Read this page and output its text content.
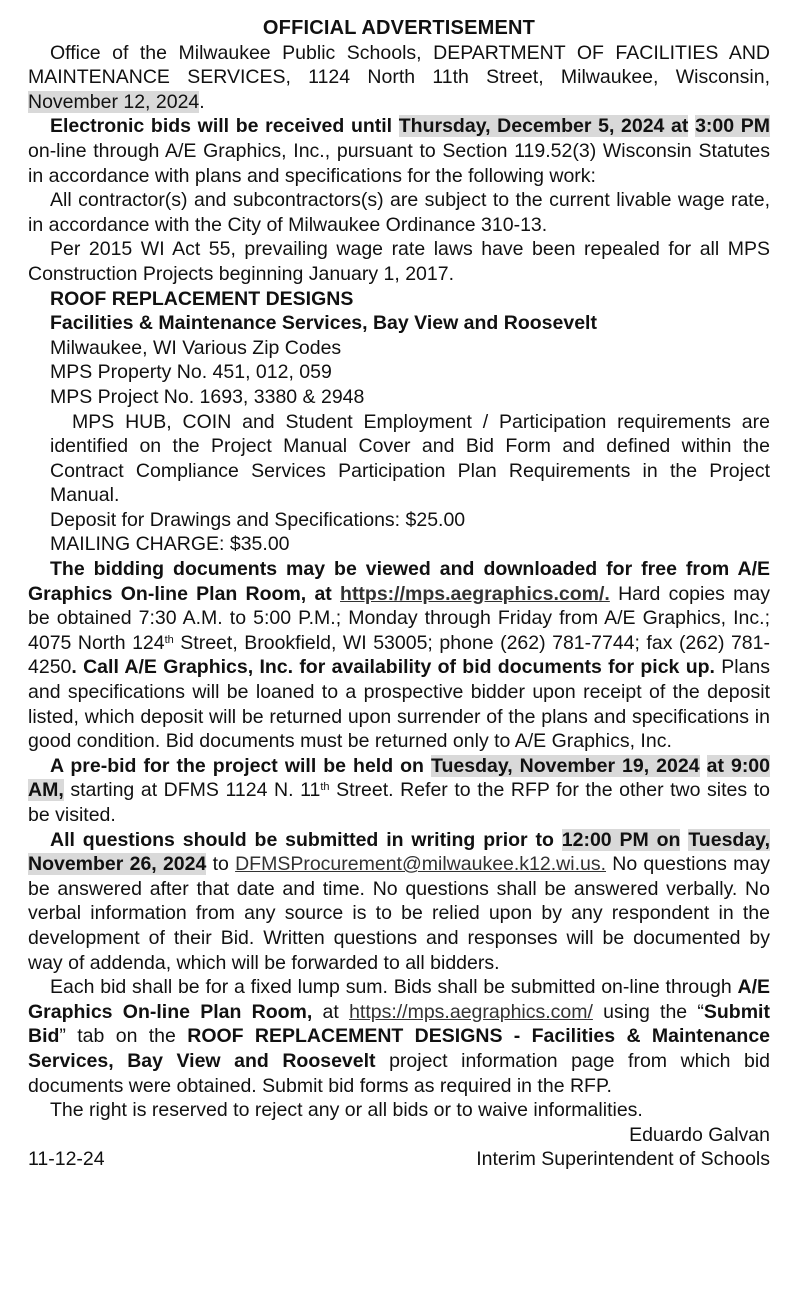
OFFICIAL ADVERTISEMENT

Office of the Milwaukee Public Schools, DEPARTMENT OF FACILITIES AND MAINTENANCE SERVICES, 1124 North 11th Street, Milwaukee, Wisconsin, November 12, 2024.

Electronic bids will be received until Thursday, December 5, 2024 at 3:00 PM on-line through A/E Graphics, Inc., pursuant to Section 119.52(3) Wisconsin Statutes in accordance with plans and specifications for the following work:

All contractor(s) and subcontractors(s) are subject to the current livable wage rate, in accordance with the City of Milwaukee Ordinance 310-13.

Per 2015 WI Act 55, prevailing wage rate laws have been repealed for all MPS Construction Projects beginning January 1, 2017.

ROOF REPLACEMENT DESIGNS

Facilities & Maintenance Services, Bay View and Roosevelt

Milwaukee, WI Various Zip Codes

MPS Property No. 451, 012, 059

MPS Project No. 1693, 3380 & 2948

MPS HUB, COIN and Student Employment / Participation requirements are identified on the Project Manual Cover and Bid Form and defined within the Contract Compliance Services Participation Plan Requirements in the Project Manual.

Deposit for Drawings and Specifications: $25.00

MAILING CHARGE: $35.00

The bidding documents may be viewed and downloaded for free from A/E Graphics On-line Plan Room, at https://mps.aegraphics.com/. Hard copies may be obtained 7:30 A.M. to 5:00 P.M.; Monday through Friday from A/E Graphics, Inc.; 4075 North 124th Street, Brookfield, WI 53005; phone (262) 781-7744; fax (262) 781-4250. Call A/E Graphics, Inc. for availability of bid documents for pick up. Plans and specifications will be loaned to a prospective bidder upon receipt of the deposit listed, which deposit will be returned upon surrender of the plans and specifications in good condition. Bid documents must be returned only to A/E Graphics, Inc.

A pre-bid for the project will be held on Tuesday, November 19, 2024 at 9:00 AM, starting at DFMS 1124 N. 11th Street. Refer to the RFP for the other two sites to be visited.

All questions should be submitted in writing prior to 12:00 PM on Tuesday, November 26, 2024 to DFMSProcurement@milwaukee.k12.wi.us. No questions may be answered after that date and time. No questions shall be answered verbally. No verbal information from any source is to be relied upon by any respondent in the development of their Bid. Written questions and responses will be documented by way of addenda, which will be forwarded to all bidders.

Each bid shall be for a fixed lump sum. Bids shall be submitted on-line through A/E Graphics On-line Plan Room, at https://mps.aegraphics.com/ using the “Submit Bid” tab on the ROOF REPLACEMENT DESIGNS - Facilities & Maintenance Services, Bay View and Roosevelt project information page from which bid documents were obtained. Submit bid forms as required in the RFP.

The right is reserved to reject any or all bids or to waive informalities.

Eduardo Galvan

11-12-24	Interim Superintendent of Schools
